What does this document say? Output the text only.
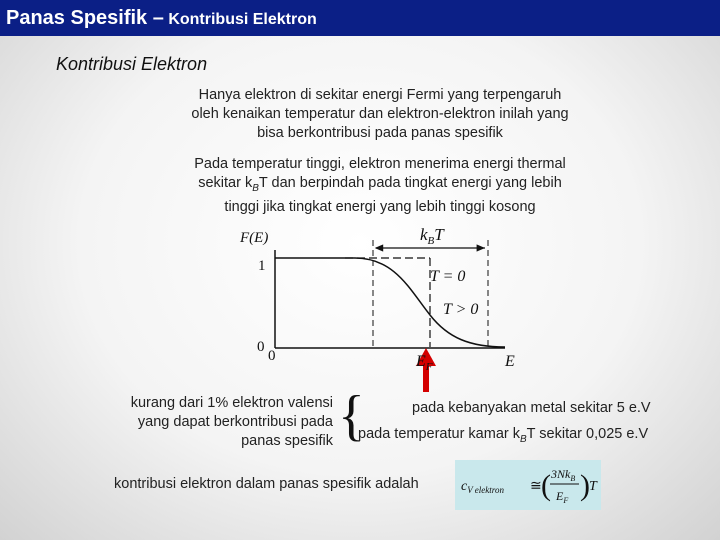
Panas Spesifik – Kontribusi Elektron
Kontribusi Elektron
Hanya elektron di sekitar energi Fermi yang terpengaruh
oleh kenaikan temperatur dan elektron-elektron inilah yang
bisa berkontribusi pada panas spesifik
Pada temperatur tinggi, elektron menerima energi thermal
sekitar $k_BT$ dan berpindah pada tingkat energi yang lebih
tinggi jika tingkat energi yang lebih tinggi kosong
F(E)
1
0
0
$k_BT$
T = 0
T > 0
$E_F$	E
kurang dari 1% elektron valensi
yang dapat berkontribusi pada
panas spesifik {	pada kebanyakan metal sekitar 5 e.V
pada temperatur kamar $k_BT$ sekitar 0,025 e.V
kontribusi elektron dalam panas spesifik adalah	$c_{V elektron}$ ≅ ( $3Nk_B$
$E_F$ ) T
